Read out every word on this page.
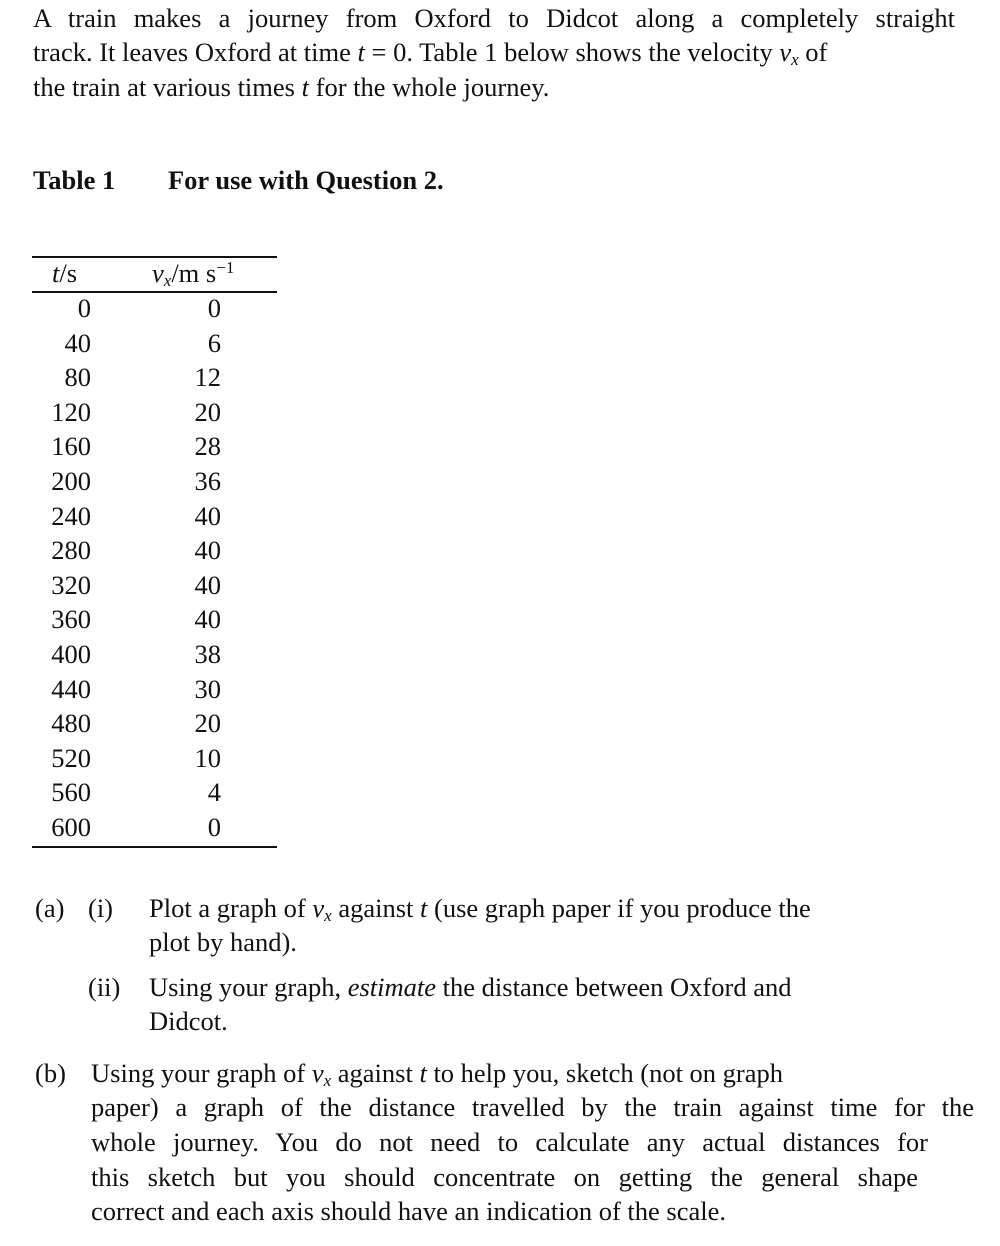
A train makes a journey from Oxford to Didcot along a completely straight
track. It leaves Oxford at time t = 0. Table 1 below shows the velocity $v_x$ of
the train at various times t for the whole journey.
Table 1 For use with Question 2.
t/s	$v_x/m$ $s^{-1}$
0	0
40	6
80	12
120	20
160	28
200	36
240	40
280	40
320	40
360	40
400	38
440	30
480	20
520	10
560	4
600	0
(a) (i) Plot a graph of $v_x$ against t (use graph paper if you produce the
plot by hand).
(ii) Using your graph, estimate the distance between Oxford and
Didcot.
(b) Using your graph of $v_x$ against t to help you, sketch (not on graph
paper) a graph of the distance travelled by the train against time for the
whole journey. You do not need to calculate any actual distances for
this sketch but you should concentrate on getting the general shape
correct and each axis should have an indication of the scale.
